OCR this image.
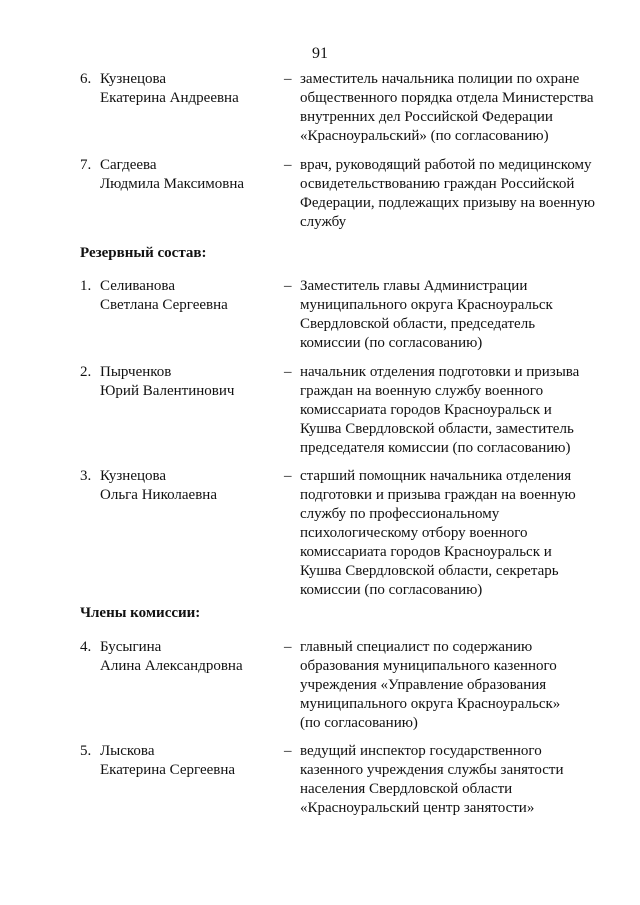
91
6. Кузнецова
Екатерина Андреевна
– заместитель начальника полиции по охране
общественного порядка отдела Министерства
внутренних дел Российской Федерации
«Красноуральский» (по согласованию)
7. Сагдеева
Людмила Максимовна
– врач, руководящий работой по медицинскому
освидетельствованию граждан Российской
Федерации, подлежащих призыву на военную
службу
Резервный состав:
1. Селиванова
Светлана Сергеевна
– Заместитель главы Администрации
муниципального округа Красноуральск
Свердловской области, председатель
комиссии (по согласованию)
2. Пырченков
Юрий Валентинович
– начальник отделения подготовки и призыва
граждан на военную службу военного
комиссариата городов Красноуральск и
Кушва Свердловской области, заместитель
председателя комиссии (по согласованию)
3. Кузнецова
Ольга Николаевна
– старший помощник начальника отделения
подготовки и призыва граждан на военную
службу по профессиональному
психологическому отбору военного
комиссариата городов Красноуральск и
Кушва Свердловской области, секретарь
комиссии (по согласованию)
Члены комиссии:
4. Бусыгина
Алина Александровна
– главный специалист по содержанию
образования муниципального казенного
учреждения «Управление образования
муниципального округа Красноуральск»
(по согласованию)
5. Лыскова
Екатерина Сергеевна
– ведущий инспектор государственного
казенного учреждения службы занятости
населения Свердловской области
«Красноуральский центр занятости»
